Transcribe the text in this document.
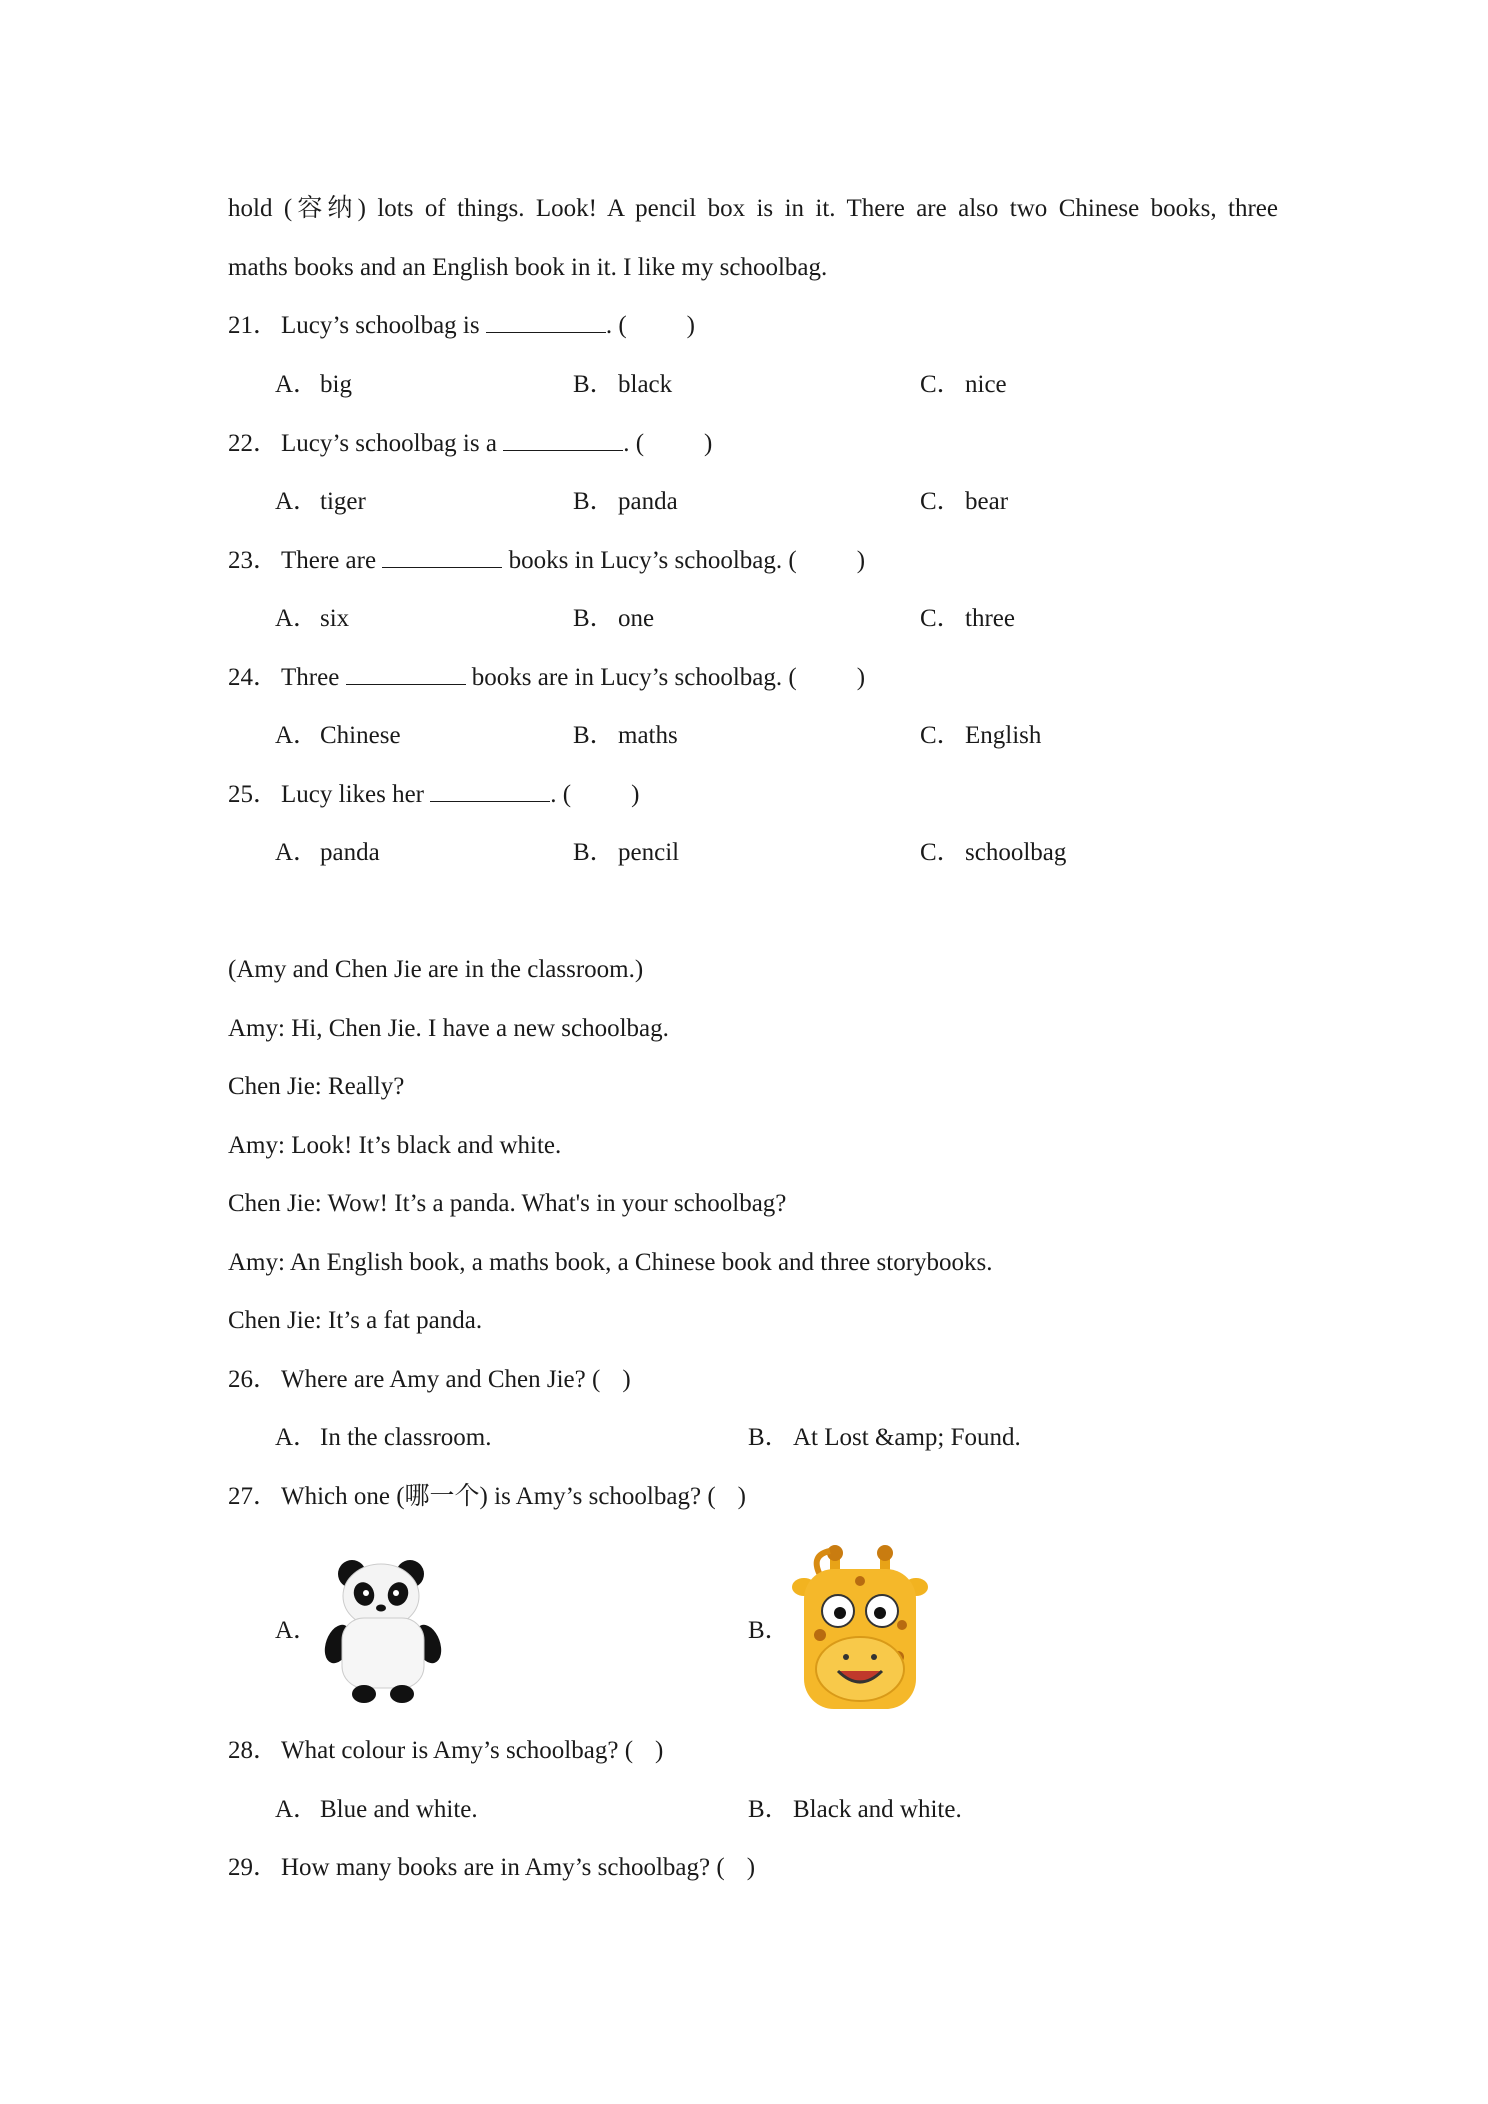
hold (容纳) lots of things. Look! A pencil box is in it. There are also two Chinese books, three
maths books and an English book in it. I like my schoolbag.
21． Lucy’s schoolbag is	. ( )
A．big	B． black	C． nice
22． Lucy’s schoolbag is a	. ( )
A．tiger	B． panda	C． bear
23． There are	books in Lucy’s schoolbag. ( )
A．six	B． one	C． three
24． Three	books are in Lucy’s schoolbag. ( )
A．Chinese	B． maths	C． English
25． Lucy likes her	. ( )
A．panda	B． pencil	C． schoolbag
(Amy and Chen Jie are in the classroom.)
Amy: Hi, Chen Jie. I have a new schoolbag.
Chen Jie: Really?
Amy: Look! It’s black and white.
Chen Jie: Wow! It’s a panda. What's in your schoolbag?
Amy: An English book, a maths book, a Chinese book and three storybooks.
Chen Jie: It’s a fat panda.
26． Where are Amy and Chen Jie? ( )
A．In the classroom.	B． At Lost &amp; Found.
27． Which one (哪一个) is Amy’s schoolbag? ( )
A．	B．
28． What colour is Amy’s schoolbag? ( )
A．Blue and white.	B． Black and white.
29． How many books are in Amy’s schoolbag? ( )
